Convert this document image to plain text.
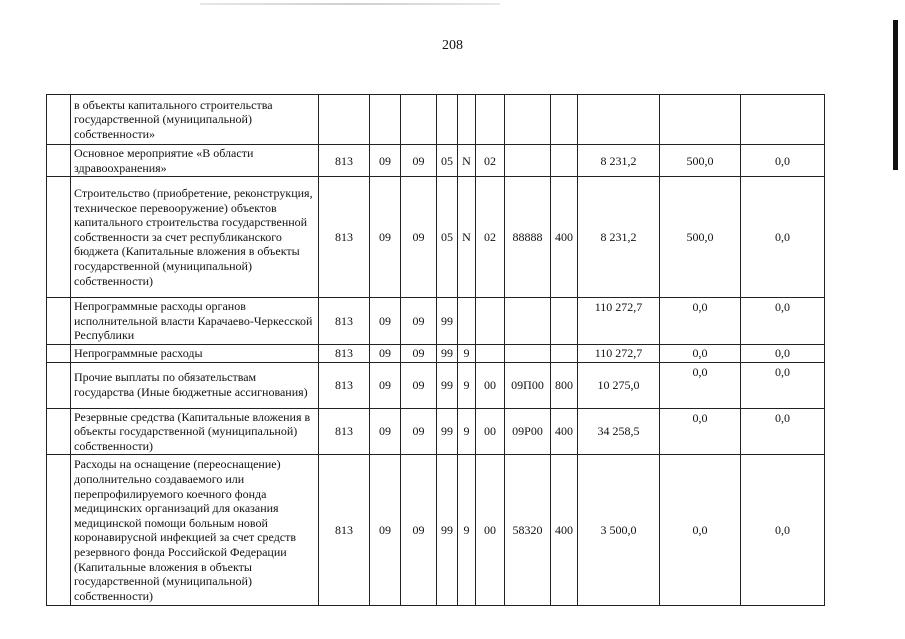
208
	в объекты капитального строительства государственной (муниципальной) собственности»											
	Основное мероприятие «В области здравоохранения»	813	09	09	05	N	02			8 231,2	500,0	0,0
	Строительство (приобретение, реконструкция, техническое перевооружение) объектов капитального строительства государственной собственности за счет республиканского бюджета (Капитальные вложения в объекты государственной (муниципальной) собственности)	813	09	09	05	N	02	88888	400	8 231,2	500,0	0,0
	Непрограммные расходы органов исполнительной власти Карачаево-Черкесской Республики	813	09	09	99					110 272,7	0,0	0,0
	Непрограммные расходы	813	09	09	99	9				110 272,7	0,0	0,0
	Прочие выплаты по обязательствам государства (Иные бюджетные ассигнования)	813	09	09	99	9	00	09П00	800	10 275,0	0,0	0,0
	Резервные средства (Капитальные вложения в объекты государственной (муниципальной) собственности)	813	09	09	99	9	00	09Р00	400	34 258,5	0,0	0,0
	Расходы на оснащение (переоснащение) дополнительно создаваемого или перепрофилируемого коечного фонда медицинских организаций для оказания медицинской помощи больным новой коронавирусной инфекцией за счет средств резервного фонда Российской Федерации (Капитальные вложения в объекты государственной (муниципальной) собственности)	813	09	09	99	9	00	58320	400	3 500,0	0,0	0,0
